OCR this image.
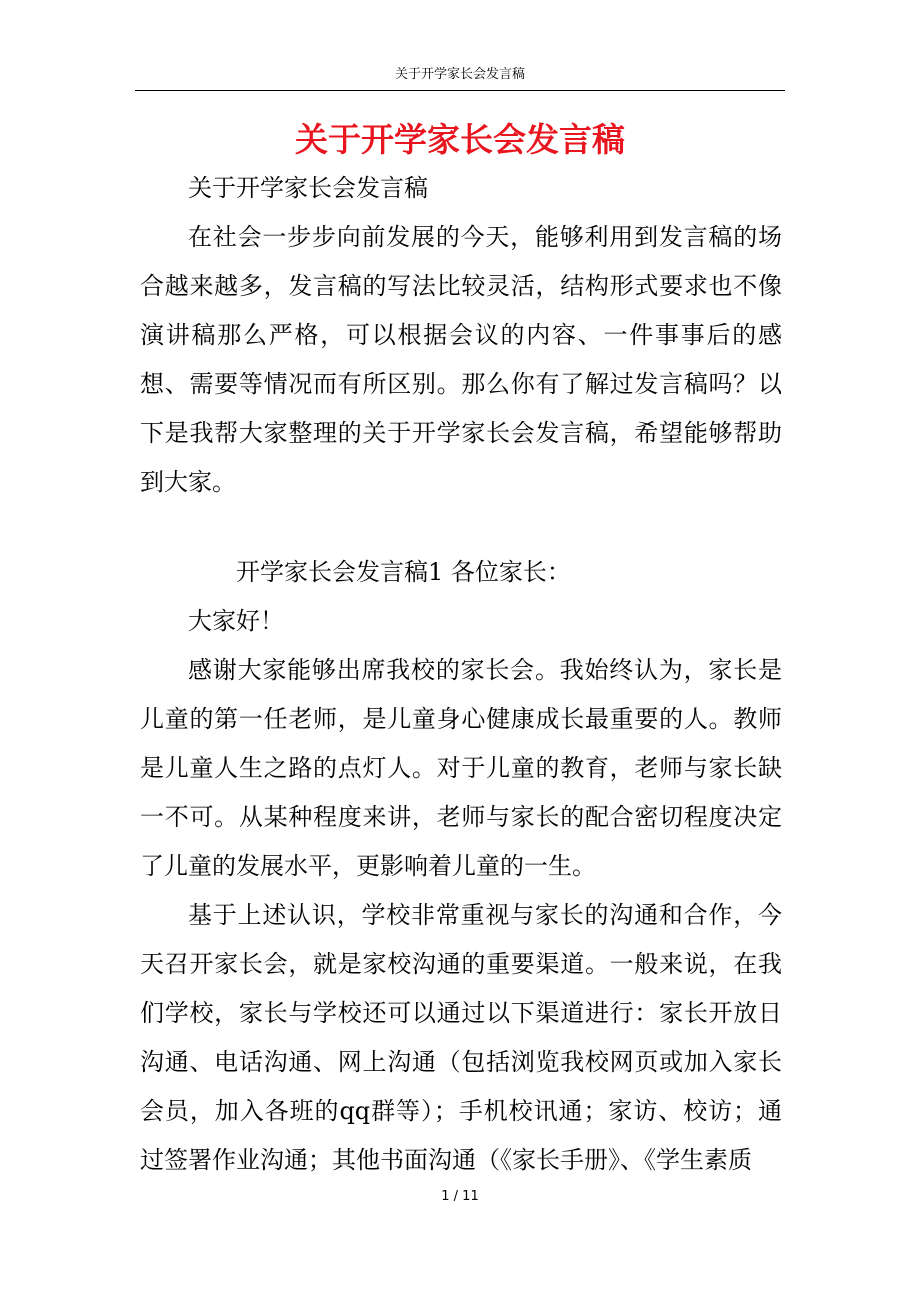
关于开学家长会发言稿
关于开学家长会发言稿

关于开学家长会发言稿

在社会一步步向前发展的今天，能够利用到发言稿的场合越来越多，发言稿的写法比较灵活，结构形式要求也不像演讲稿那么严格，可以根据会议的内容、一件事事后的感想、需要等情况而有所区别。那么你有了解过发言稿吗？以下是我帮大家整理的关于开学家长会发言稿，希望能够帮助到大家。

开学家长会发言稿1 各位家长：

大家好！

感谢大家能够出席我校的家长会。我始终认为，家长是儿童的第一任老师，是儿童身心健康成长最重要的人。教师是儿童人生之路的点灯人。对于儿童的教育，老师与家长缺一不可。从某种程度来讲，老师与家长的配合密切程度决定了儿童的发展水平，更影响着儿童的一生。

基于上述认识，学校非常重视与家长的沟通和合作，今天召开家长会，就是家校沟通的重要渠道。一般来说，在我们学校，家长与学校还可以通过以下渠道进行：家长开放日沟通、电话沟通、网上沟通（包括浏览我校网页或加入家长会员，加入各班的qq群等）；手机校讯通；家访、校访；通过签署作业沟通；其他书面沟通（《家长手册》、《学生素质

1 / 11
